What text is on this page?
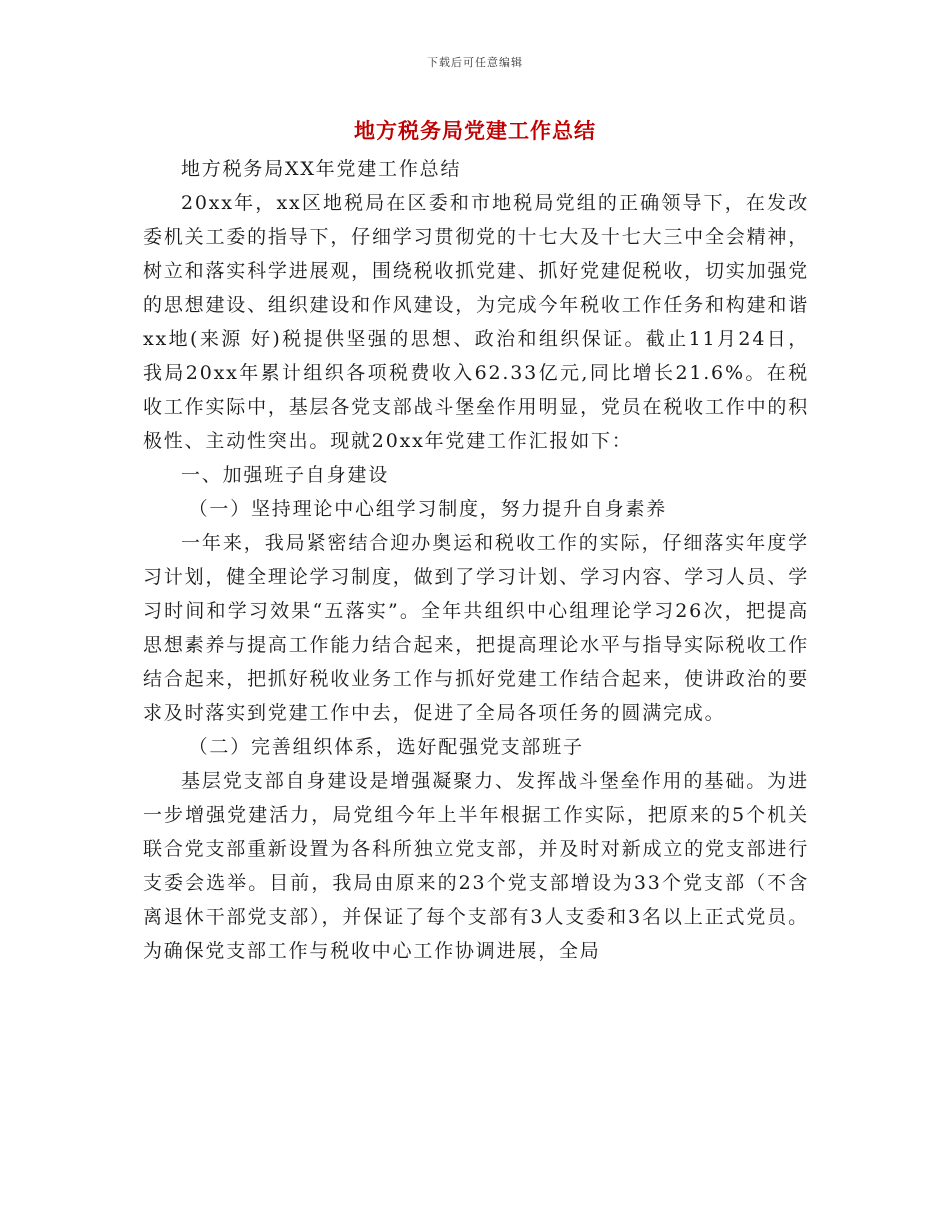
下载后可任意编辑
地方税务局党建工作总结

地方税务局XX年党建工作总结

20xx年，xx区地税局在区委和市地税局党组的正确领导下，在发改委机关工委的指导下，仔细学习贯彻党的十七大及十七大三中全会精神，树立和落实科学进展观，围绕税收抓党建、抓好党建促税收，切实加强党的思想建设、组织建设和作风建设，为完成今年税收工作任务和构建和谐xx地(来源 好)税提供坚强的思想、政治和组织保证。截止11月24日，我局20xx年累计组织各项税费收入62.33亿元,同比增长21.6%。在税收工作实际中，基层各党支部战斗堡垒作用明显，党员在税收工作中的积极性、主动性突出。现就20xx年党建工作汇报如下：

一、加强班子自身建设

（一）坚持理论中心组学习制度，努力提升自身素养

一年来，我局紧密结合迎办奥运和税收工作的实际，仔细落实年度学习计划，健全理论学习制度，做到了学习计划、学习内容、学习人员、学习时间和学习效果“五落实”。全年共组织中心组理论学习26次，把提高思想素养与提高工作能力结合起来，把提高理论水平与指导实际税收工作结合起来，把抓好税收业务工作与抓好党建工作结合起来，使讲政治的要求及时落实到党建工作中去，促进了全局各项任务的圆满完成。

（二）完善组织体系，选好配强党支部班子

基层党支部自身建设是增强凝聚力、发挥战斗堡垒作用的基础。为进一步增强党建活力，局党组今年上半年根据工作实际，把原来的5个机关联合党支部重新设置为各科所独立党支部，并及时对新成立的党支部进行支委会选举。目前，我局由原来的23个党支部增设为33个党支部（不含离退休干部党支部），并保证了每个支部有3人支委和3名以上正式党员。为确保党支部工作与税收中心工作协调进展，全局
